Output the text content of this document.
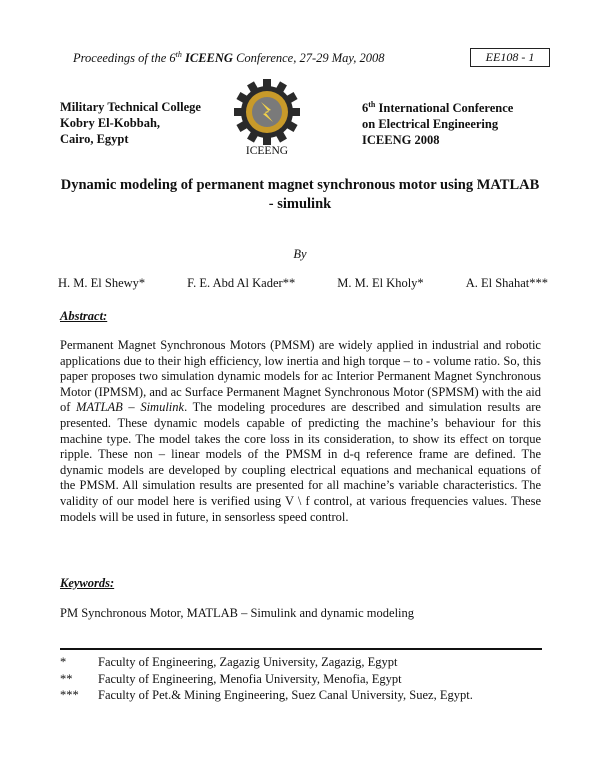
Proceedings of the 6th ICEENG Conference, 27-29 May, 2008	EE108 - 1
Military Technical College
Kobry El-Kobbah,
Cairo, Egypt
ICEENG
6th International Conference
on Electrical Engineering
ICEENG 2008
Dynamic modeling of permanent magnet synchronous motor using MATLAB - simulink
By
H. M. El Shewy*	F. E. Abd Al Kader**	M. M. El Kholy*	A. El Shahat***
Abstract:
Permanent Magnet Synchronous Motors (PMSM) are widely applied in industrial and robotic applications due to their high efficiency, low inertia and high torque – to - volume ratio. So, this paper proposes two simulation dynamic models for ac Interior Permanent Magnet Synchronous Motor (IPMSM), and ac Surface Permanent Magnet Synchronous Motor (SPMSM) with the aid of MATLAB – Simulink. The modeling procedures are described and simulation results are presented. These dynamic models capable of predicting the machine’s behaviour for this machine type. The model takes the core loss in its consideration, to show its effect on torque ripple. These non – linear models of the PMSM in d-q reference frame are defined. The dynamic models are developed by coupling electrical equations and mechanical equations of the PMSM. All simulation results are presented for all machine’s variable characteristics. The validity of our model here is verified using V \ f control, at various frequencies values. These models will be used in future, in sensorless speed control.
Keywords:
PM Synchronous Motor, MATLAB – Simulink and dynamic modeling
*	Faculty of Engineering, Zagazig University, Zagazig, Egypt
**	Faculty of Engineering, Menofia University, Menofia, Egypt
***	Faculty of Pet.& Mining Engineering, Suez Canal University, Suez, Egypt.
